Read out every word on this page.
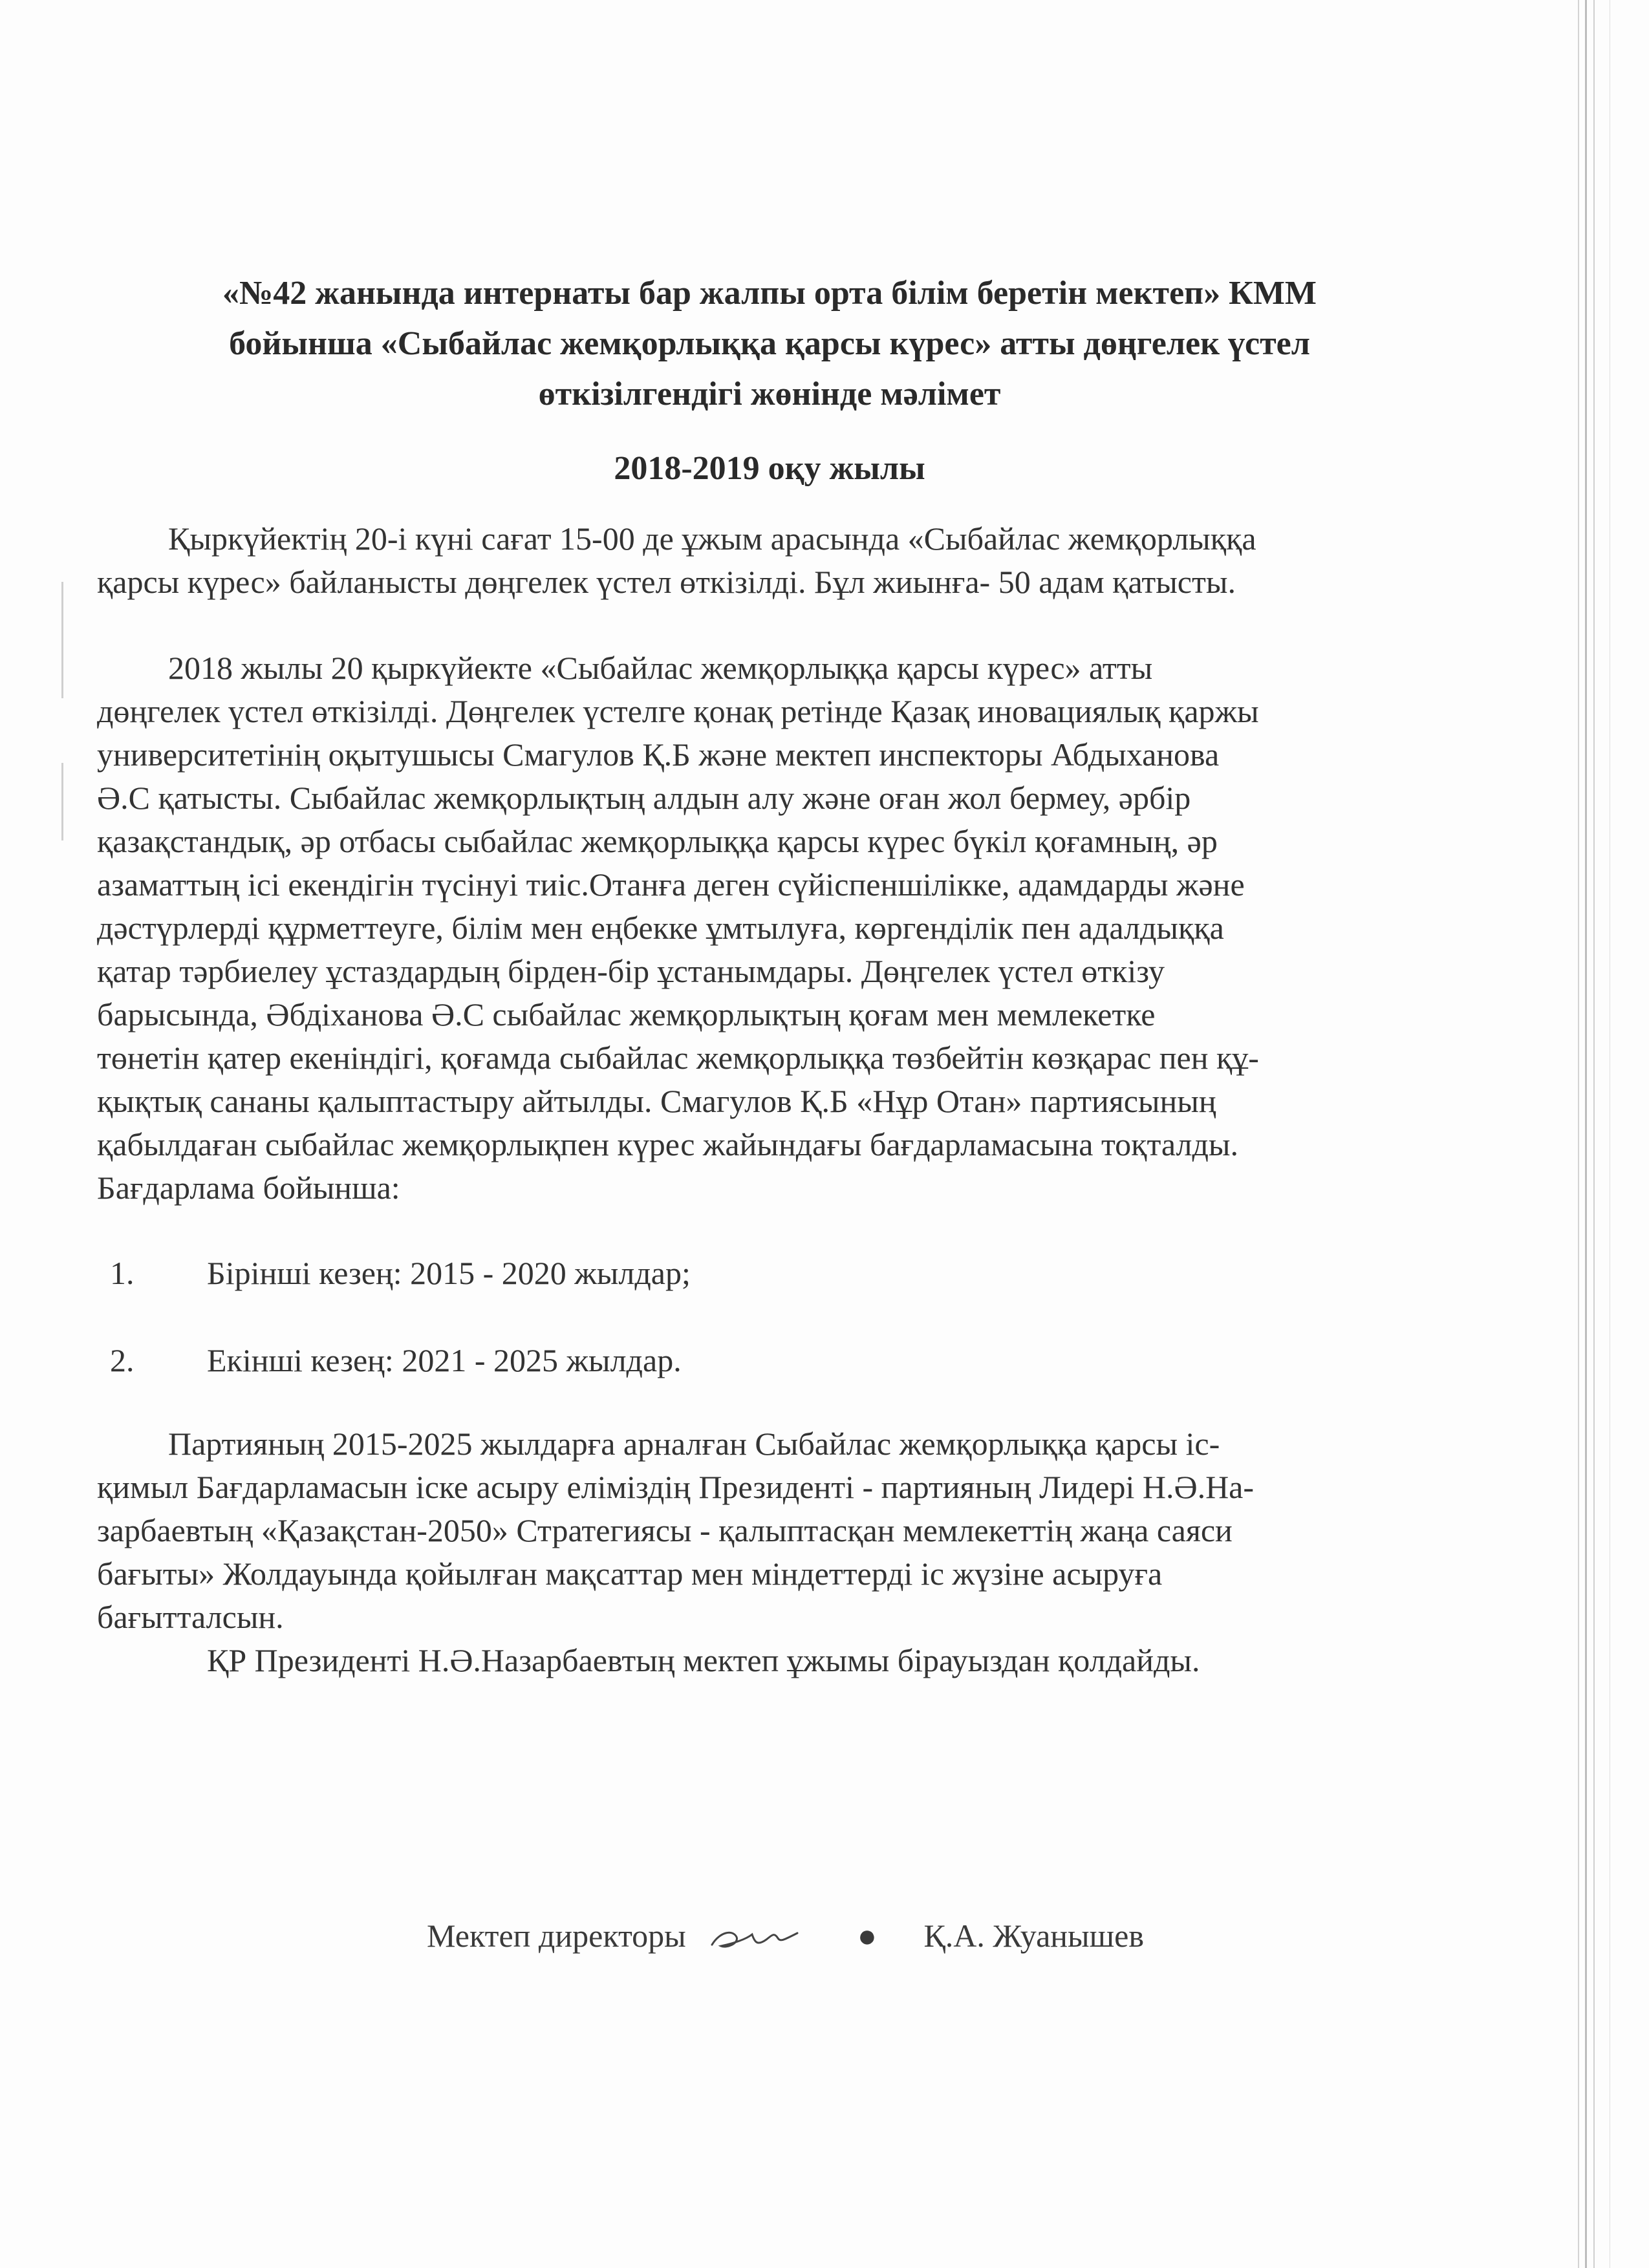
«№42 жанында интернаты бар жалпы орта білім беретін мектеп» КММ
бойынша «Сыбайлас жемқорлыққа қарсы күрес» атты дөңгелек үстел
өткізілгендігі жөнінде мәлімет
2018-2019 оқу жылы
Қыркүйектің 20-і күні сағат 15-00 де ұжым арасында «Сыбайлас жемқорлыққа
қарсы күрес» байланысты дөңгелек үстел өткізілді. Бұл жиынға- 50 адам қатысты.
2018 жылы 20 қыркүйекте «Сыбайлас жемқорлыққа қарсы күрес» атты
дөңгелек үстел өткізілді. Дөңгелек үстелге қонақ ретінде Қазақ иновациялық қаржы
университетінің оқытушысы Смагулов Қ.Б және мектеп инспекторы Абдыханова
Ә.С қатысты. Сыбайлас жемқорлықтың алдын алу және оған жол бермеу, әрбір
қазақстандық, әр отбасы сыбайлас жемқорлыққа қарсы күрес бүкіл қоғамның, әр
азаматтың ісі екендігін түсінуі тиіс.Отанға деген сүйіспеншілікке, адамдарды және
дәстүрлерді құрметтеуге, білім мен еңбекке ұмтылуға, көргенділік пен адалдыққа
қатар тәрбиелеу ұстаздардың бірден-бір ұстанымдары. Дөңгелек үстел өткізу
барысында, Әбдіханова Ә.С сыбайлас жемқорлықтың қоғам мен мемлекетке
төнетін қатер екеніндігі, қоғамда сыбайлас жемқорлыққа төзбейтін көзқарас пен құ-
қықтық сананы қалыптастыру айтылды. Смагулов Қ.Б «Нұр Отан» партиясының
қабылдаған сыбайлас жемқорлықпен күрес жайындағы бағдарламасына тоқталды.
Бағдарлама бойынша:
1. Бірінші кезең: 2015 - 2020 жылдар;
2. Екінші кезең: 2021 - 2025 жылдар.
Партияның 2015-2025 жылдарға арналған Сыбайлас жемқорлыққа қарсы іс-
қимыл Бағдарламасын іске асыру еліміздің Президенті - партияның Лидері Н.Ә.На-
зарбаевтың «Қазақстан-2050» Стратегиясы - қалыптасқан мемлекеттің жаңа саяси
бағыты» Жолдауында қойылған мақсаттар мен міндеттерді іс жүзіне асыруға
бағытталсын.
ҚР Президенті Н.Ә.Назарбаевтың мектеп ұжымы бірауыздан қолдайды.
Мектеп директоры	● Қ.А. Жуанышев
